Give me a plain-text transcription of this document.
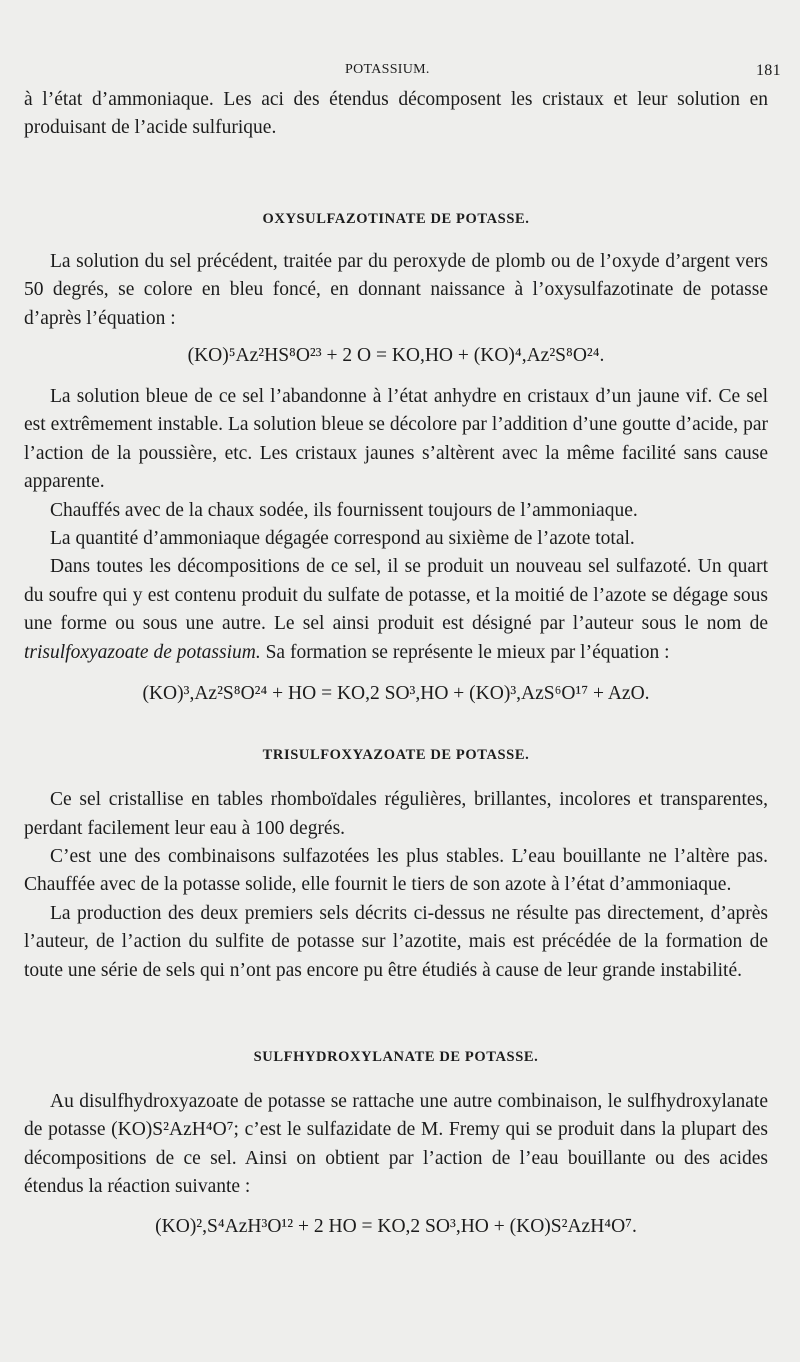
POTASSIUM.	181

à l’état d’ammoniaque. Les aci des étendus décomposent les cristaux et leur solution en produisant de l’acide sulfurique.

OXYSULFAZOTINATE DE POTASSE.

La solution du sel précédent, traitée par du peroxyde de plomb ou de l’oxyde d’argent vers 50 degrés, se colore en bleu foncé, en donnant naissance à l’oxysulfazotinate de potasse d’après l’équation :

(KO)⁵Az²HS⁸O²³ + 2 O = KO,HO + (KO)⁴,Az²S⁸O²⁴.

La solution bleue de ce sel l’abandonne à l’état anhydre en cristaux d’un jaune vif. Ce sel est extrêmement instable. La solution bleue se décolore par l’addition d’une goutte d’acide, par l’action de la poussière, etc. Les cristaux jaunes s’altèrent avec la même facilité sans cause apparente.

Chauffés avec de la chaux sodée, ils fournissent toujours de l’ammoniaque.

La quantité d’ammoniaque dégagée correspond au sixième de l’azote total.

Dans toutes les décompositions de ce sel, il se produit un nouveau sel sulfazoté. Un quart du soufre qui y est contenu produit du sulfate de potasse, et la moitié de l’azote se dégage sous une forme ou sous une autre. Le sel ainsi produit est désigné par l’auteur sous le nom de trisulfoxyazoate de potassium. Sa formation se représente le mieux par l’équation :

(KO)³,Az²S⁸O²⁴ + HO = KO,2 SO³,HO + (KO)³,AzS⁶O¹⁷ + AzO.
TRISULFOXYAZOATE DE POTASSE.

Ce sel cristallise en tables rhomboïdales régulières, brillantes, incolores et transparentes, perdant facilement leur eau à 100 degrés.

C’est une des combinaisons sulfazotées les plus stables. L’eau bouillante ne l’altère pas. Chauffée avec de la potasse solide, elle fournit le tiers de son azote à l’état d’ammoniaque.

La production des deux premiers sels décrits ci-dessus ne résulte pas directement, d’après l’auteur, de l’action du sulfite de potasse sur l’azotite, mais est précédée de la formation de toute une série de sels qui n’ont pas encore pu être étudiés à cause de leur grande instabilité.

SULFHYDROXYLANATE DE POTASSE.

Au disulfhydroxyazoate de potasse se rattache une autre combinaison, le sulfhydroxylanate de potasse (KO)S²AzH⁴O⁷; c’est le sulfazidate de M. Fremy qui se produit dans la plupart des décompositions de ce sel. Ainsi on obtient par l’action de l’eau bouillante ou des acides étendus la réaction suivante :

(KO)²,S⁴AzH³O¹² + 2 HO = KO,2 SO³,HO + (KO)S²AzH⁴O⁷.
